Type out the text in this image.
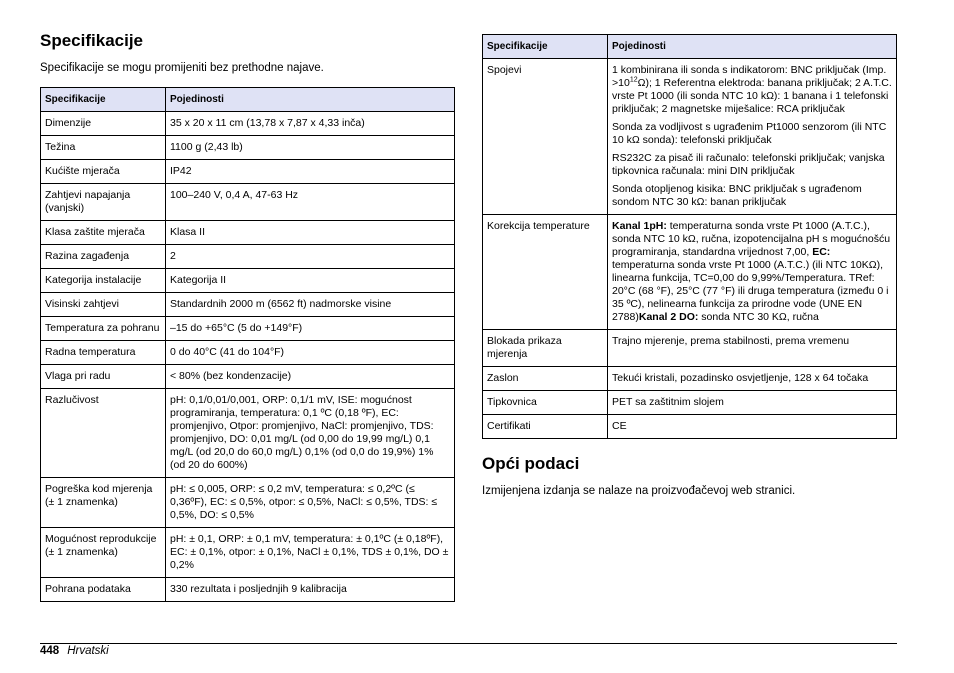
Specifikacije

Specifikacije se mogu promijeniti bez prethodne najave.

Specifikacije	Pojedinosti
Dimenzije	35 x 20 x 11 cm (13,78 x 7,87 x 4,33 inča)
Težina	1100 g (2,43 lb)
Kućište mjerača	IP42
Zahtjevi napajanja (vanjski)	100–240 V, 0,4 A, 47-63 Hz
Klasa zaštite mjerača	Klasa II
Razina zagađenja	2
Kategorija instalacije	Kategorija II
Visinski zahtjevi	Standardnih 2000 m (6562 ft) nadmorske visine
Temperatura za pohranu	–15 do +65°C (5 do +149°F)
Radna temperatura	0 do 40°C (41 do 104°F)
Vlaga pri radu	< 80% (bez kondenzacije)
Razlučivost	pH: 0,1/0,01/0,001, ORP: 0,1/1 mV, ISE: mogućnost programiranja, temperatura: 0,1 ºC (0,18 ºF), EC: promjenjivo, Otpor: promjenjivo, NaCl: promjenjivo, TDS: promjenjivo, DO: 0,01 mg/L (od 0,00 do 19,99 mg/L) 0,1 mg/L (od 20,0 do 60,0 mg/L) 0,1% (od 0,0 do 19,9%) 1% (od 20 do 600%)
Pogreška kod mjerenja (± 1 znamenka)	pH: ≤ 0,005, ORP: ≤ 0,2 mV, temperatura: ≤ 0,2ºC (≤ 0,36ºF), EC: ≤ 0,5%, otpor: ≤ 0,5%, NaCl: ≤ 0,5%, TDS: ≤ 0,5%, DO: ≤ 0,5%
Mogućnost reprodukcije (± 1 znamenka)	pH: ± 0,1, ORP: ± 0,1 mV, temperatura: ± 0,1ºC (± 0,18ºF), EC: ± 0,1%, otpor: ± 0,1%, NaCl ± 0,1%, TDS ± 0,1%, DO ± 0,2%
Pohrana podataka	330 rezultata i posljednjih 9 kalibracija
Specifikacije	Pojedinosti
Spojevi	1 kombinirana ili sonda s indikatorom: BNC priključak (Imp. $>10^{12}\Omega$); 1 Referentna elektroda: banana priključak; 2 A.T.C. vrste Pt 1000 (ili sonda NTC 10 kΩ): 1 banana i 1 telefonski priključak; 2 magnetske miješalice: RCA priključak
Sonda za vodljivost s ugrađenim Pt1000 senzorom (ili NTC 10 kΩ sonda): telefonski priključak
RS232C za pisač ili računalo: telefonski priključak; vanjska tipkovnica računala: mini DIN priključak
Sonda otopljenog kisika: BNC priključak s ugrađenom sondom NTC 30 kΩ: banan priključak

Korekcija temperature	Kanal 1pH: temperaturna sonda vrste Pt 1000 (A.T.C.), sonda NTC 10 kΩ, ručna, izopotencijalna pH s mogućnošću programiranja, standardna vrijednost 7,00, EC: temperaturna sonda vrste Pt 1000 (A.T.C.) (ili NTC 10KΩ), linearna funkcija, TC=0,00 do 9,99%/Temperatura. TRef: 20°C (68 °F), 25°C (77 °F) ili druga temperatura (između 0 i 35 ºC), nelinearna funkcija za prirodne vode (UNE EN 2788)Kanal 2 DO: sonda NTC 30 KΩ, ručna
Blokada prikaza mjerenja	Trajno mjerenje, prema stabilnosti, prema vremenu
Zaslon	Tekući kristali, pozadinsko osvjetljenje, 128 x 64 točaka
Tipkovnica	PET sa zaštitnim slojem
Certifikati	CE
Opći podaci

Izmijenjena izdanja se nalaze na proizvođačevoj web stranici.

448 Hrvatski
